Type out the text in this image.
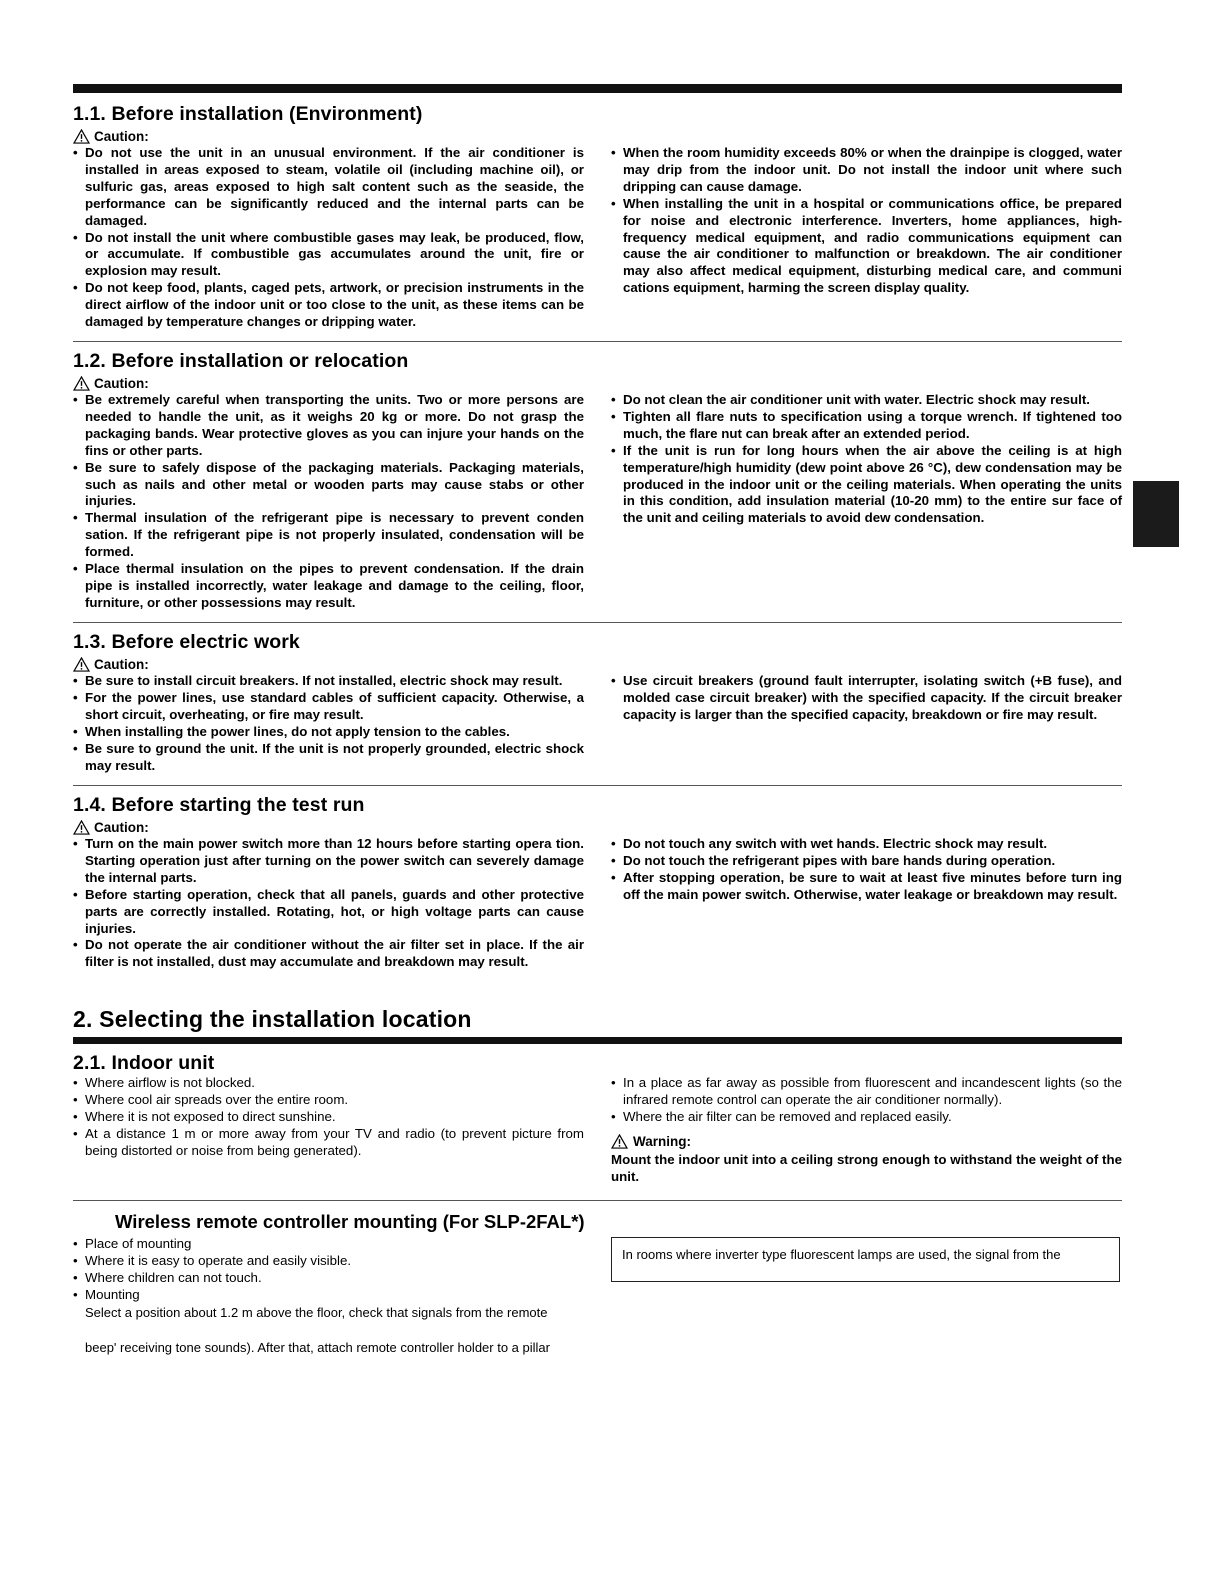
1.1. Before installation (Environment)
Caution:
• Do not use the unit in an unusual environment. If the air conditioner is installed in areas exposed to steam, volatile oil (including machine oil), or sulfuric gas, areas exposed to high salt content such as the seaside, the performance can be significantly reduced and the internal parts can be damaged.
• Do not install the unit where combustible gases may leak, be produced, flow, or accumulate. If combustible gas accumulates around the unit, fire or explosion may result.
• Do not keep food, plants, caged pets, artwork, or precision instruments in the direct airflow of the indoor unit or too close to the unit, as these items can be damaged by temperature changes or dripping water.
• When the room humidity exceeds 80% or when the drainpipe is clogged, water may drip from the indoor unit. Do not install the indoor unit where such dripping can cause damage.
• When installing the unit in a hospital or communications office, be prepared for noise and electronic interference. Inverters, home appliances, high-frequency medical equipment, and radio communications equipment can cause the air conditioner to malfunction or breakdown. The air conditioner may also affect medical equipment, disturbing medical care, and communi cations equipment, harming the screen display quality.
1.2. Before installation or relocation
Caution:
• Be extremely careful when transporting the units. Two or more persons are needed to handle the unit, as it weighs 20 kg or more. Do not grasp the packaging bands. Wear protective gloves as you can injure your hands on the fins or other parts.
• Be sure to safely dispose of the packaging materials. Packaging materials, such as nails and other metal or wooden parts may cause stabs or other injuries.
• Thermal insulation of the refrigerant pipe is necessary to prevent conden sation. If the refrigerant pipe is not properly insulated, condensation will be formed.
• Place thermal insulation on the pipes to prevent condensation. If the drain pipe is installed incorrectly, water leakage and damage to the ceiling, floor, furniture, or other possessions may result.
• Do not clean the air conditioner unit with water. Electric shock may result.
• Tighten all flare nuts to specification using a torque wrench. If tightened too much, the flare nut can break after an extended period.
• If the unit is run for long hours when the air above the ceiling is at high temperature/high humidity (dew point above 26 °C), dew condensation may be produced in the indoor unit or the ceiling materials. When operating the units in this condition, add insulation material (10-20 mm) to the entire sur face of the unit and ceiling materials to avoid dew condensation.
1.3. Before electric work
Caution:
• Be sure to install circuit breakers. If not installed, electric shock may result.
• For the power lines, use standard cables of sufficient capacity. Otherwise, a short circuit, overheating, or fire may result.
• When installing the power lines, do not apply tension to the cables.
• Be sure to ground the unit. If the unit is not properly grounded, electric shock may result.
• Use circuit breakers (ground fault interrupter, isolating switch (+B fuse), and molded case circuit breaker) with the specified capacity. If the circuit breaker capacity is larger than the specified capacity, breakdown or fire may result.
1.4. Before starting the test run
Caution:
• Turn on the main power switch more than 12 hours before starting opera tion. Starting operation just after turning on the power switch can severely damage the internal parts.
• Before starting operation, check that all panels, guards and other protective parts are correctly installed. Rotating, hot, or high voltage parts can cause injuries.
• Do not operate the air conditioner without the air filter set in place. If the air filter is not installed, dust may accumulate and breakdown may result.
• Do not touch any switch with wet hands. Electric shock may result.
• Do not touch the refrigerant pipes with bare hands during operation.
• After stopping operation, be sure to wait at least five minutes before turn ing off the main power switch. Otherwise, water leakage or breakdown may result.
2. Selecting the installation location
2.1. Indoor unit
• Where airflow is not blocked.
• Where cool air spreads over the entire room.
• Where it is not exposed to direct sunshine.
• At a distance 1 m or more away from your TV and radio (to prevent picture from being distorted or noise from being generated).
• In a place as far away as possible from fluorescent and incandescent lights (so the infrared remote control can operate the air conditioner normally).
• Where the air filter can be removed and replaced easily.
Warning:
Mount the indoor unit into a ceiling strong enough to withstand the weight of the unit.
Wireless remote controller mounting (For SLP-2FAL*)
• Place of mounting
• Where it is easy to operate and easily visible.
• Where children can not touch.
• Mounting
Select a position about 1.2 m above the floor, check that signals from the remote
beep' receiving tone sounds). After that, attach remote controller holder to a pillar
In rooms where inverter type fluorescent lamps are used, the signal from the
